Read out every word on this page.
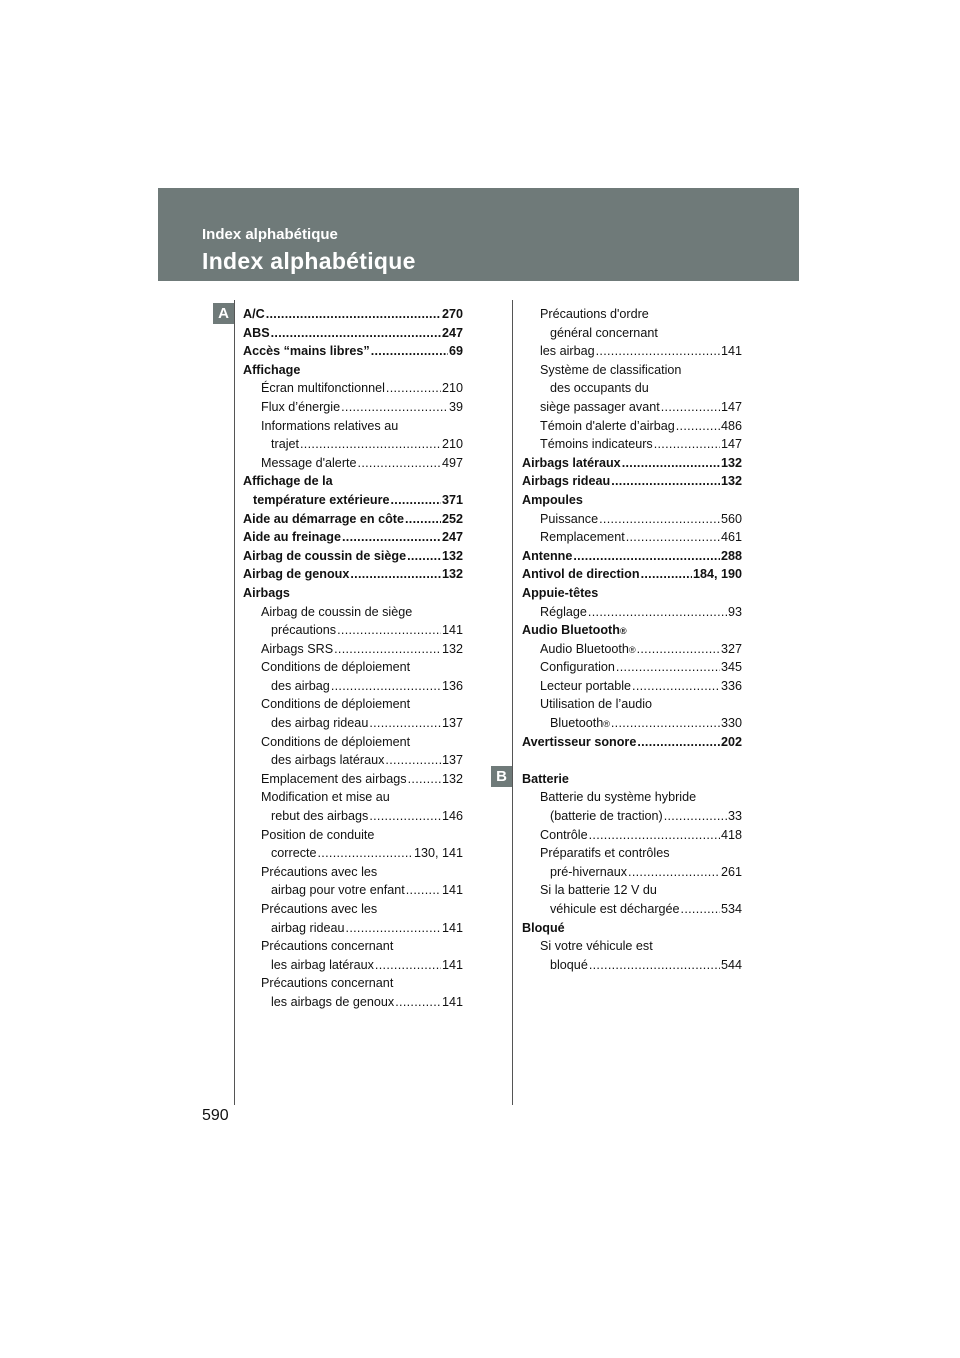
Index alphabétique
Index alphabétique
A
B
A/C .....	270
ABS .....	247
Accès “mains libres” .....	69
Affichage
Écran multifonctionnel .....	210
Flux d’énergie .....	39
Informations relatives au
trajet .....	210
Message d'alerte .....	497
Affichage de la
température extérieure .....	371
Aide au démarrage en côte .....	252
Aide au freinage .....	247
Airbag de coussin de siège .....	132
Airbag de genoux .....	132
Airbags
Airbag de coussin de siège
précautions .....	141
Airbags SRS .....	132
Conditions de déploiement
des airbag .....	136
Conditions de déploiement
des airbag rideau .....	137
Conditions de déploiement
des airbags latéraux .....	137
Emplacement des airbags .....	132
Modification et mise au
rebut des airbags .....	146
Position de conduite
correcte .....	130, 141
Précautions avec les
airbag pour votre enfant .....	141
Précautions avec les
airbag rideau .....	141
Précautions concernant
les airbag latéraux .....	141
Précautions concernant
les airbags de genoux .....	141
Précautions d'ordre
général concernant
les airbag .....	141
Système de classification
des occupants du
siège passager avant .....	147
Témoin d'alerte d’airbag .....	486
Témoins indicateurs .....	147
Airbags latéraux .....	132
Airbags rideau .....	132
Ampoules
Puissance .....	560
Remplacement .....	461
Antenne .....	288
Antivol de direction .....	184, 190
Appuie-têtes
Réglage .....	93
Audio Bluetooth ®
Audio Bluetooth ® .....	327
Configuration .....	345
Lecteur portable .....	336
Utilisation de l’audio
Bluetooth ® .....	330
Avertisseur sonore .....	202
Batterie
Batterie du système hybride
(batterie de traction) .....	33
Contrôle .....	418
Préparatifs et contrôles
pré-hivernaux .....	261
Si la batterie 12 V du
véhicule est déchargée .....	534
Bloqué
Si votre véhicule est
bloqué .....	544
590
